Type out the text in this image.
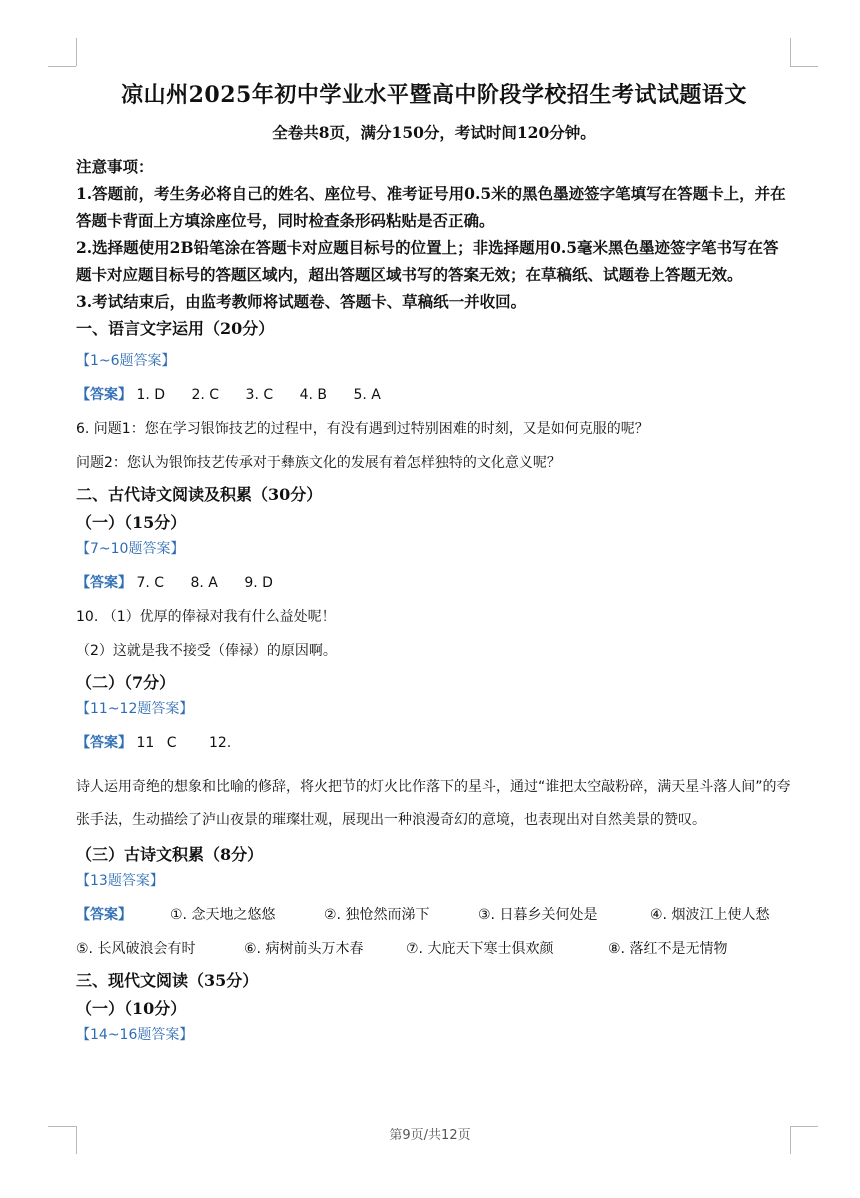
凉山州2025年初中学业水平暨高中阶段学校招生考试试题语文
全卷共8页，满分150分，考试时间120分钟。
注意事项：
1.答题前，考生务必将自己的姓名、座位号、准考证号用0.5米的黑色墨迹签字笔填写在答题卡上，并在答题卡背面上方填涂座位号，同时检查条形码粘贴是否正确。
2.选择题使用2B铅笔涂在答题卡对应题目标号的位置上；非选择题用0.5毫米黑色墨迹签字笔书写在答题卡对应题目标号的答题区域内，超出答题区域书写的答案无效；在草稿纸、试题卷上答题无效。
3.考试结束后，由监考教师将试题卷、答题卡、草稿纸一并收回。
一、语言文字运用（20分）
【1~6题答案】
【答案】 1. D 2. C 3. C 4. B 5. A
6. 问题1：您在学习银饰技艺的过程中，有没有遇到过特别困难的时刻，又是如何克服的呢？
问题2：您认为银饰技艺传承对于彝族文化的发展有着怎样独特的文化意义呢？
二、古代诗文阅读及积累（30分）
（一）（15分）
【7~10题答案】
【答案】 7. C 8. A 9. D
10. （1）优厚的俸禄对我有什么益处呢！
（2）这就是我不接受（俸禄）的原因啊。
（二）（7分）
【11~12题答案】
【答案】 11 C 12.
诗人运用奇绝的想象和比喻的修辞，将火把节的灯火比作落下的星斗，通过“谁把太空敲粉碎，满天星斗落人间”的夸张手法，生动描绘了泸山夜景的璀璨壮观，展现出一种浪漫奇幻的意境，也表现出对自然美景的赞叹。
（三）古诗文积累（8分）
【13题答案】
【答案】	①. 念天地之悠悠	②. 独怆然而涕下	③. 日暮乡关何处是	④. 烟波江上使人愁
⑤. 长风破浪会有时	⑥. 病树前头万木春	⑦. 大庇天下寒士俱欢颜	⑧. 落红不是无情物
三、现代文阅读（35分）
（一）（10分）
【14~16题答案】
第9页/共12页
